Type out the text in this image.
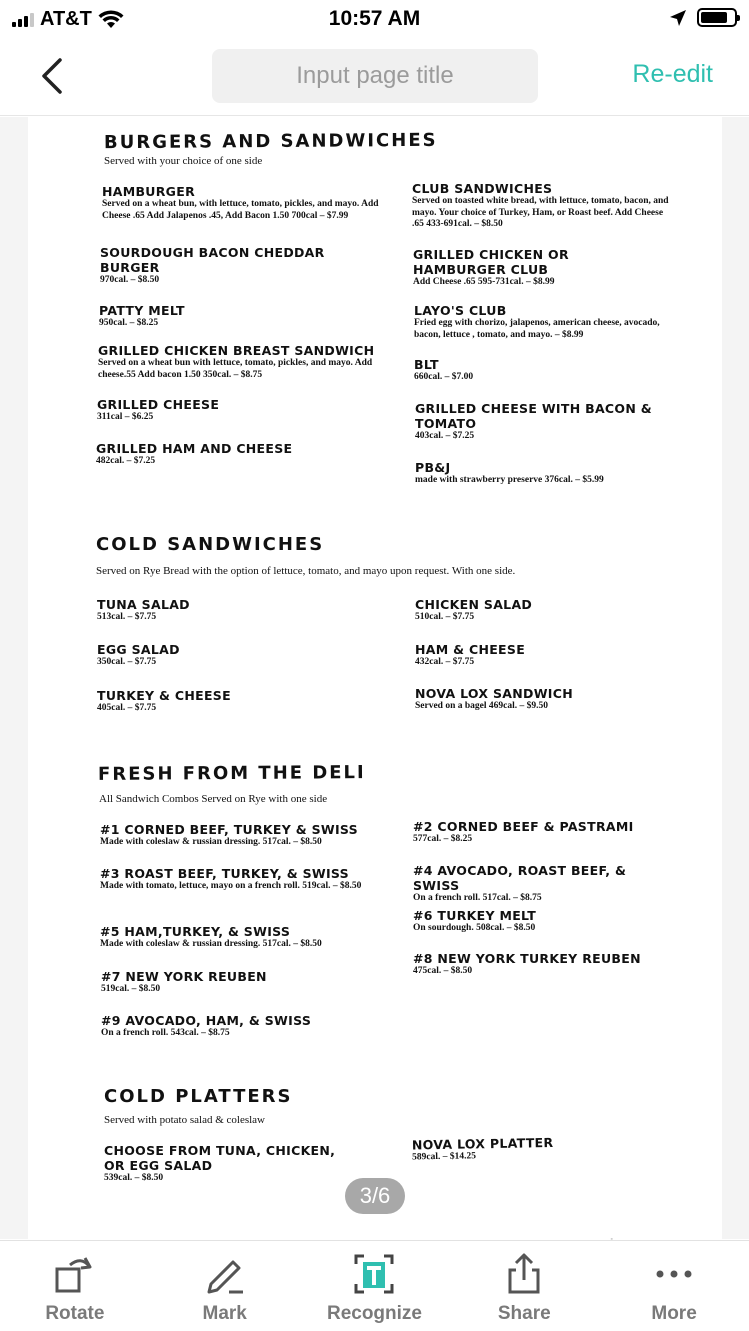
AT&T	10:57 AM
Input page title
Re-edit
BURGERS AND SANDWICHES
Served with your choice of one side
HAMBURGER
Served on a wheat bun, with lettuce, tomato, pickles, and mayo. Add Cheese .65 Add Jalapenos .45, Add Bacon 1.50 700cal – $7.99
SOURDOUGH BACON CHEDDAR BURGER
970cal. – $8.50
PATTY MELT
950cal. – $8.25
GRILLED CHICKEN BREAST SANDWICH
Served on a wheat bun with lettuce, tomato, pickles, and mayo. Add cheese.55 Add bacon 1.50 350cal. – $8.75
GRILLED CHEESE
311cal – $6.25
GRILLED HAM AND CHEESE
482cal. – $7.25
CLUB SANDWICHES
Served on toasted white bread, with lettuce, tomato, bacon, and mayo. Your choice of Turkey, Ham, or Roast beef. Add Cheese .65 433-691cal. – $8.50
GRILLED CHICKEN OR HAMBURGER CLUB
Add Cheese .65 595-731cal. – $8.99
LAYO'S CLUB
Fried egg with chorizo, jalapenos, american cheese, avocado, bacon, lettuce , tomato, and mayo. – $8.99
BLT
660cal. – $7.00
GRILLED CHEESE WITH BACON & TOMATO
403cal. – $7.25
PB&J
made with strawberry preserve 376cal. – $5.99
COLD SANDWICHES
Served on Rye Bread with the option of lettuce, tomato, and mayo upon request. With one side.
TUNA SALAD
513cal. – $7.75
EGG SALAD
350cal. – $7.75
TURKEY & CHEESE
405cal. – $7.75
CHICKEN SALAD
510cal. – $7.75
HAM & CHEESE
432cal. – $7.75
NOVA LOX SANDWICH
Served on a bagel 469cal. – $9.50
FRESH FROM THE DELI
All Sandwich Combos Served on Rye with one side
#1 CORNED BEEF, TURKEY & SWISS
Made with coleslaw & russian dressing. 517cal. – $8.50
#3 ROAST BEEF, TURKEY, & SWISS
Made with tomato, lettuce, mayo on a french roll. 519cal. – $8.50
#5 HAM,TURKEY, & SWISS
Made with coleslaw & russian dressing. 517cal. – $8.50
#7 NEW YORK REUBEN
519cal. – $8.50
#9 AVOCADO, HAM, & SWISS
On a french roll. 543cal. – $8.75
#2 CORNED BEEF & PASTRAMI
577cal. – $8.25
#4 AVOCADO, ROAST BEEF, & SWISS
On a french roll. 517cal. – $8.75
#6 TURKEY MELT
On sourdough. 508cal. – $8.50
#8 NEW YORK TURKEY REUBEN
475cal. – $8.50
COLD PLATTERS
Served with potato salad & coleslaw
CHOOSE FROM TUNA, CHICKEN, OR EGG SALAD
539cal. – $8.50
NOVA LOX PLATTER
589cal. – $14.25
3/6
Rotate	Mark	Recognize	Share	More
